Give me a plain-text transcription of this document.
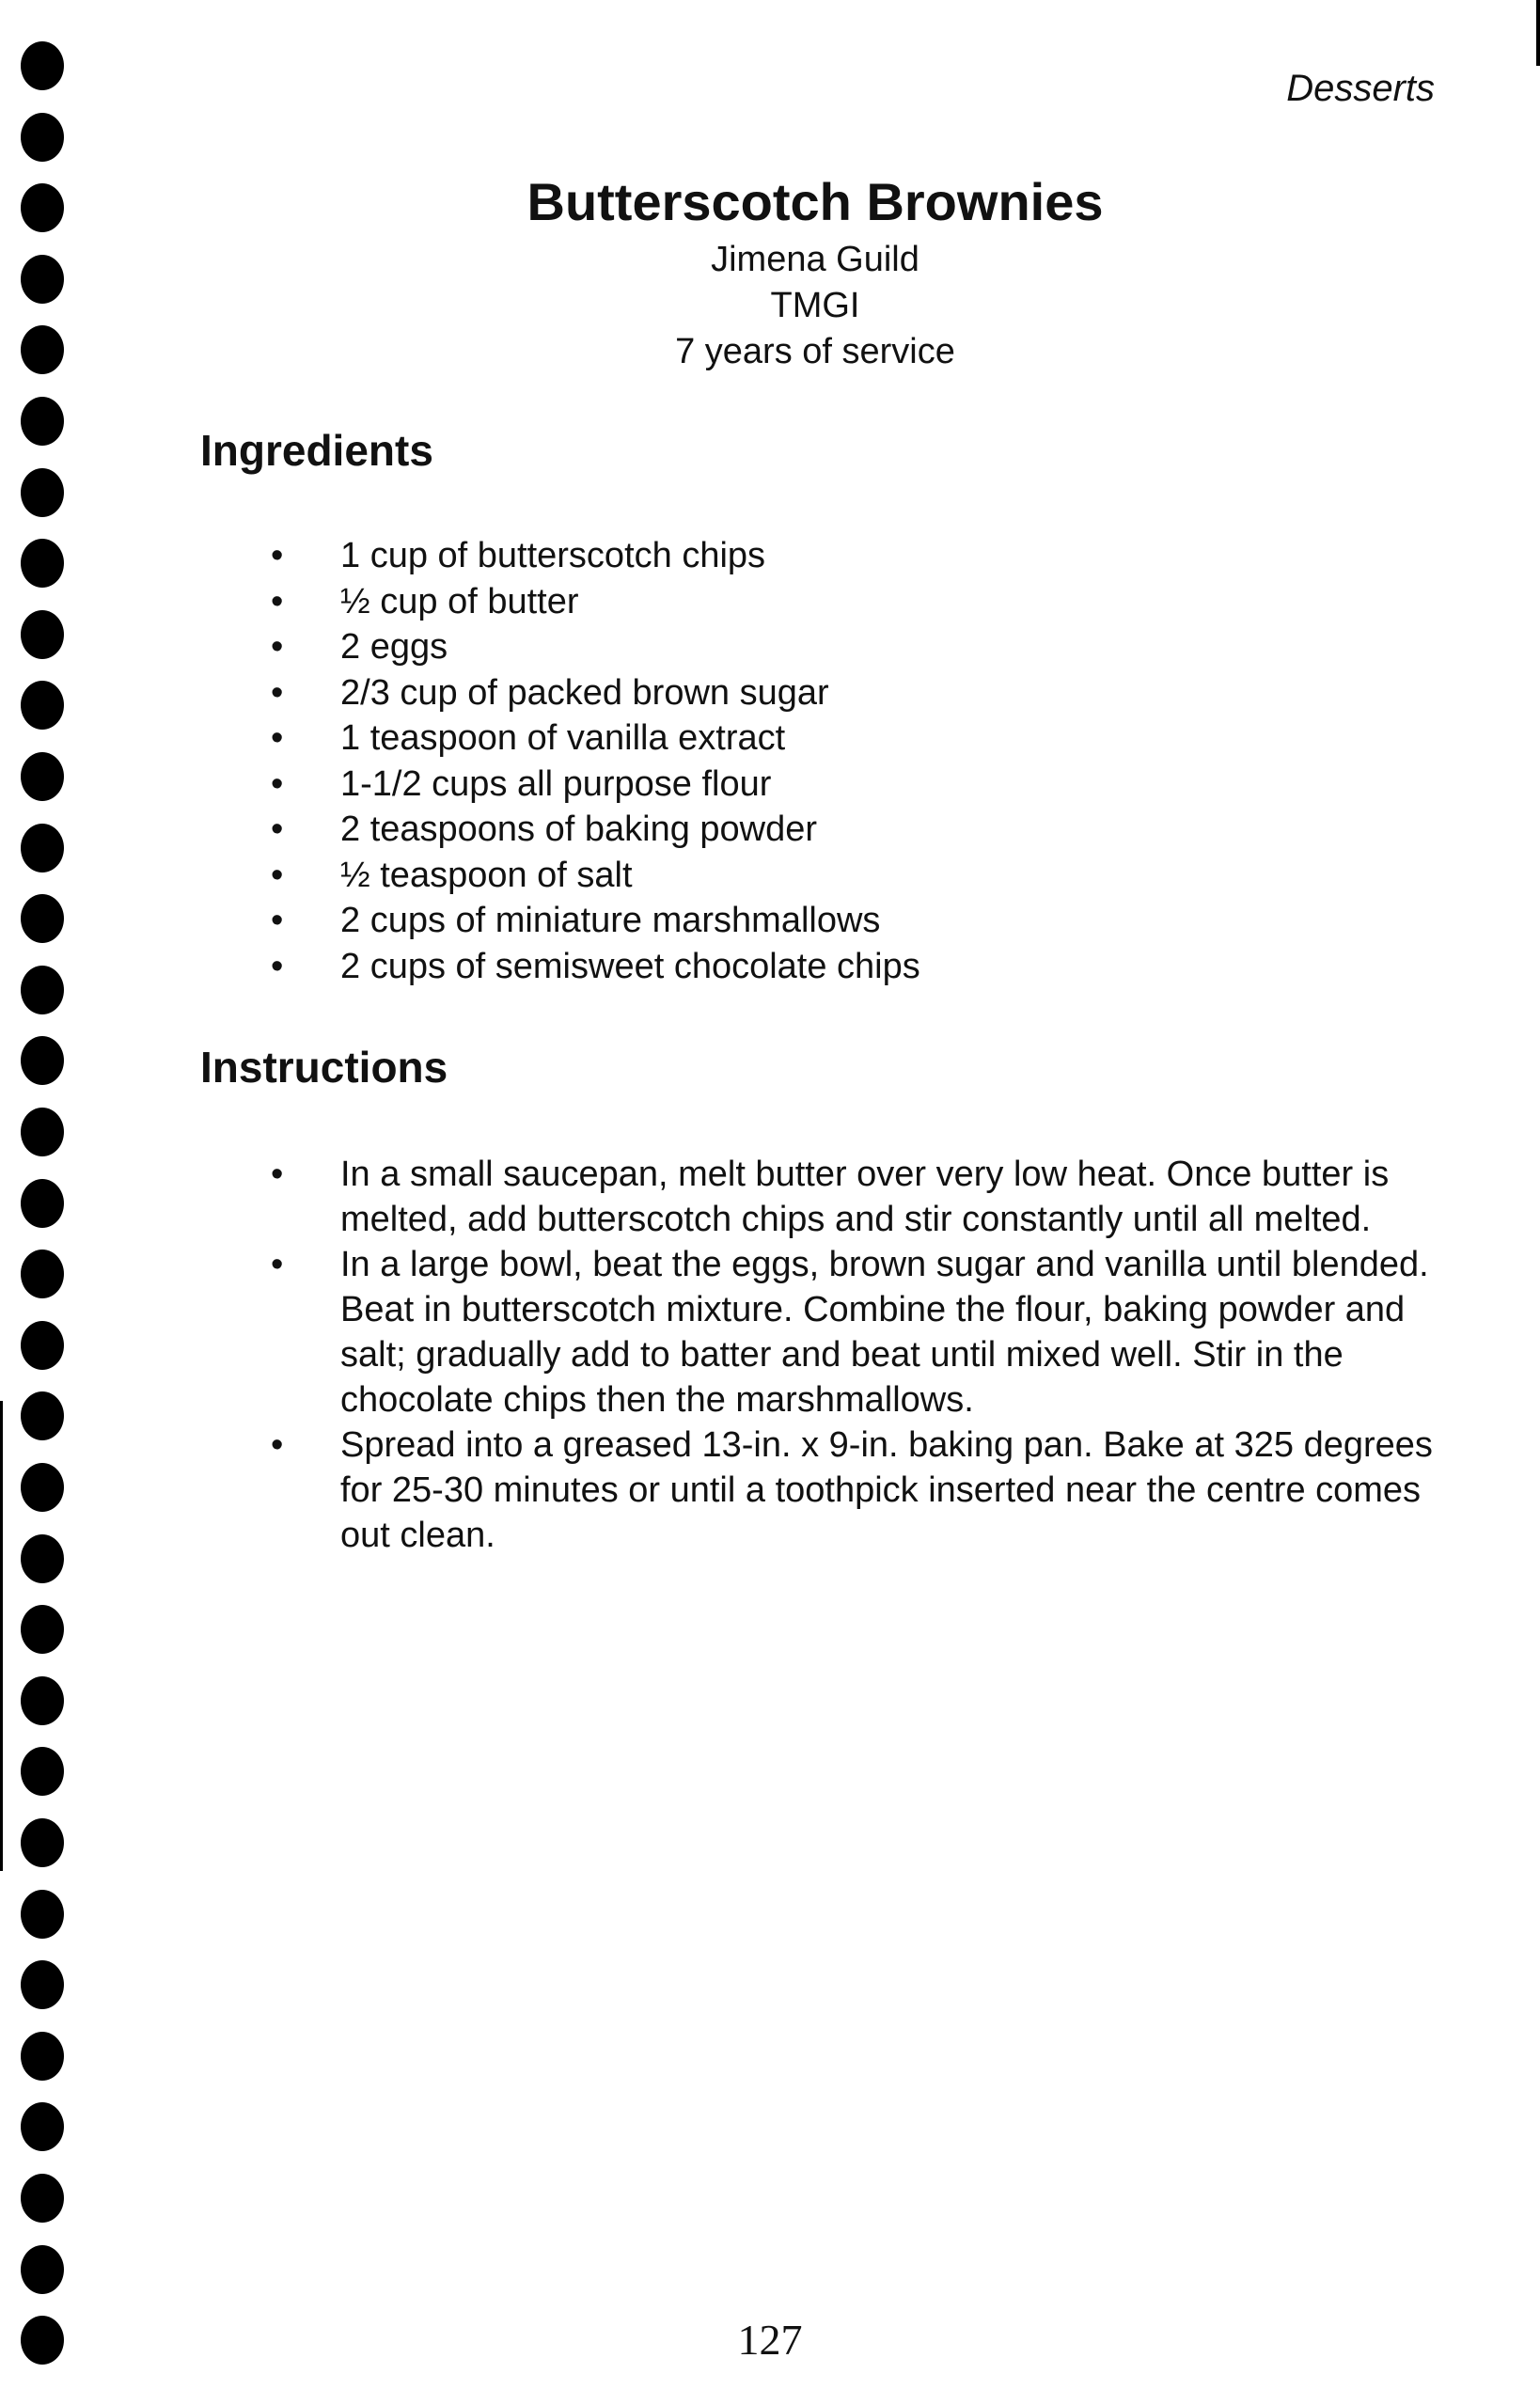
Desserts
Butterscotch Brownies
Jimena Guild
TMGI
7 years of service
Ingredients
• 1 cup of butterscotch chips
• ½ cup of butter
• 2 eggs
• 2/3 cup of packed brown sugar
• 1 teaspoon of vanilla extract
• 1-1/2 cups all purpose flour
• 2 teaspoons of baking powder
• ½ teaspoon of salt
• 2 cups of miniature marshmallows
• 2 cups of semisweet chocolate chips
Instructions
• In a small saucepan, melt butter over very low heat. Once butter is melted, add butterscotch chips and stir constantly until all melted.
• In a large bowl, beat the eggs, brown sugar and vanilla until blended. Beat in butterscotch mixture. Combine the flour, baking powder and salt; gradually add to batter and beat until mixed well. Stir in the chocolate chips then the marshmallows.
• Spread into a greased 13-in. x 9-in. baking pan. Bake at 325 degrees for 25-30 minutes or until a toothpick inserted near the centre comes out clean.
127
